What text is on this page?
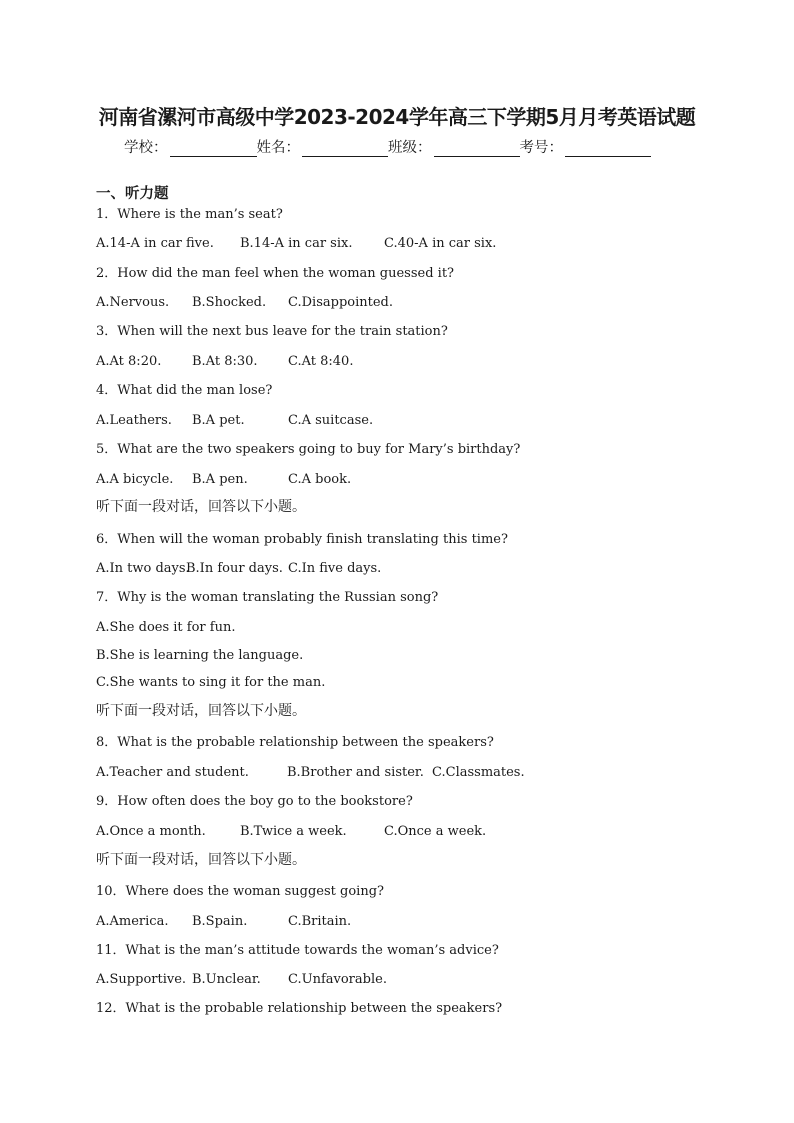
河南省漯河市高级中学2023-2024学年高三下学期5月月考英语试题
学校：	姓名：	班级：	考号：
一、听力题
1．Where is the man’s seat?
A.14-A in car five. B.14-A in car six. C.40-A in car six.
2．How did the man feel when the woman guessed it?
A.Nervous. B.Shocked. C.Disappointed.
3．When will the next bus leave for the train station?
A.At 8:20. B.At 8:30. C.At 8:40.
4．What did the man lose?
A.Leathers. B.A pet.	C.A suitcase.
5．What are the two speakers going to buy for Mary’s birthday?
A.A bicycle. B.A pen.	C.A book.
听下面一段对话，回答以下小题。
6．When will the woman probably finish translating this time?
A.In two days.
B.In four days. C.In five days.
7．Why is the woman translating the Russian song?
A.She does it for fun.
B.She is learning the language.
C.She wants to sing it for the man.
听下面一段对话，回答以下小题。
8．What is the probable relationship between the speakers?
A.Teacher and student.	B.Brother and sister. C.Classmates.
9．How often does the boy go to the bookstore?
A.Once a month.	B.Twice a week.	C.Once a week.
听下面一段对话，回答以下小题。
10．Where does the woman suggest going?
A.America. B.Spain.	C.Britain.
11．What is the man’s attitude towards the woman’s advice?
A.Supportive. B.Unclear. C.Unfavorable.
12．What is the probable relationship between the speakers?
